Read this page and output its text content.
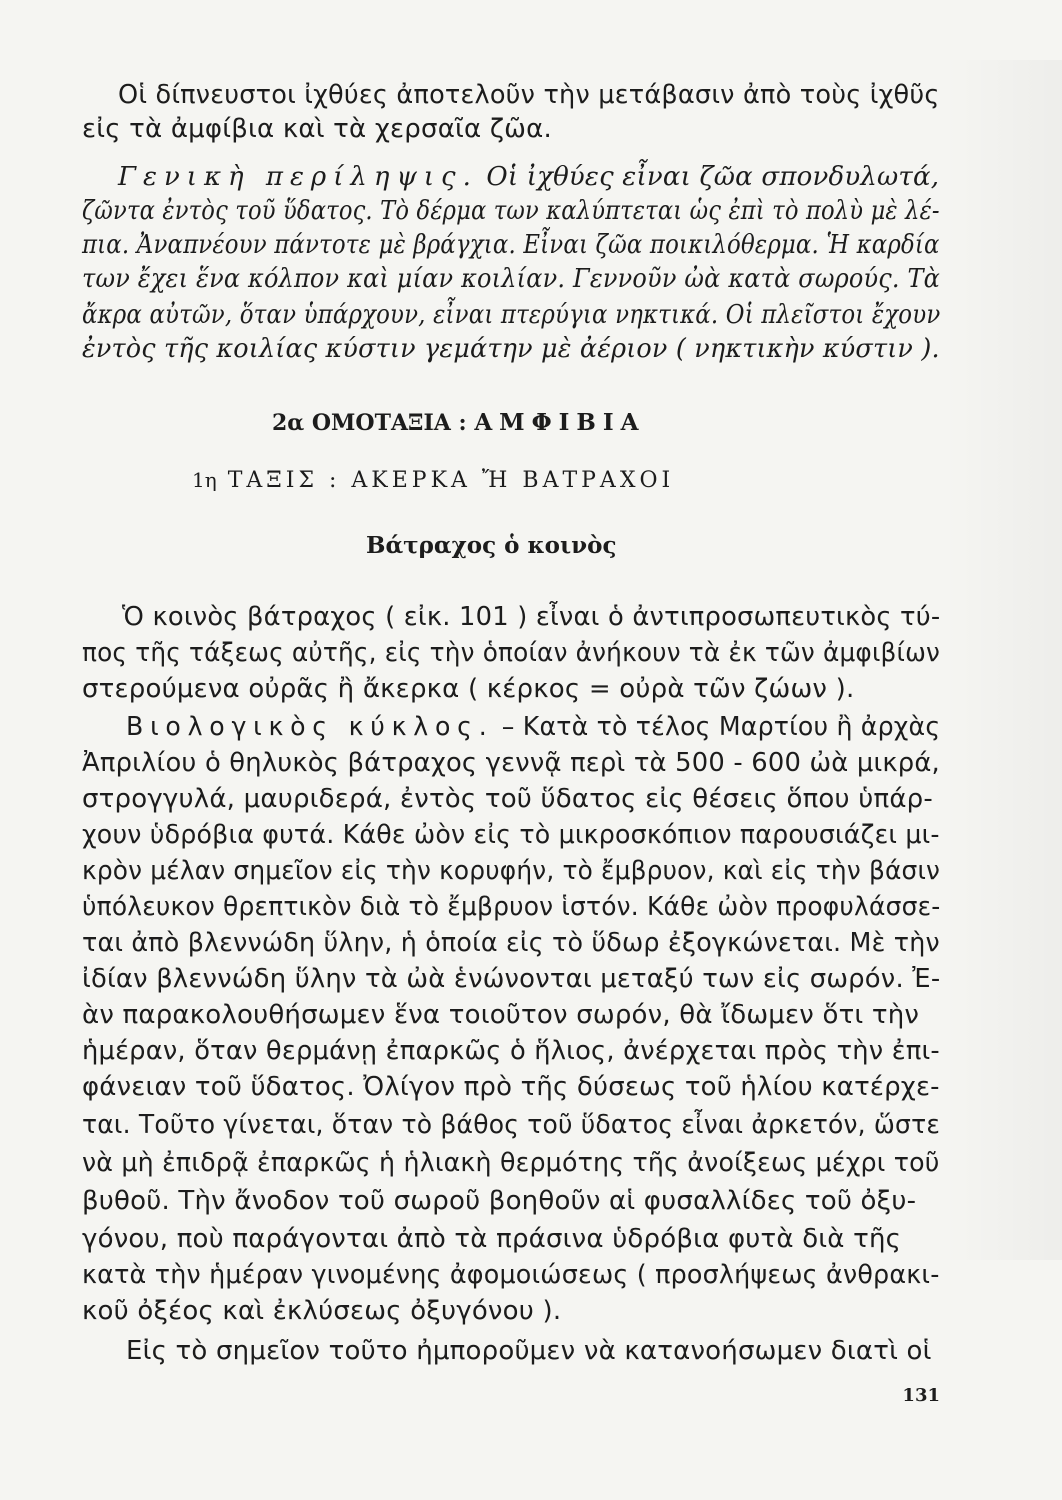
Οἱ δίπνευστοι ἰχθύες ἀποτελοῦν τὴν μετάβασιν ἀπὸ τοὺς ἰχθῦς
εἰς τὰ ἀμφίβια καὶ τὰ χερσαῖα ζῶα.
Γενικὴ περίληψις. Οἱ ἰχθύες εἶναι ζῶα σπονδυλωτά,
ζῶντα ἐντὸς τοῦ ὕδατος. Τὸ δέρμα των καλύπτεται ὡς ἐπὶ τὸ πολὺ μὲ λέ-
πια. Ἀναπνέουν πάντοτε μὲ βράγχια. Εἶναι ζῶα ποικιλόθερμα. Ἡ καρδία
των ἔχει ἕνα κόλπον καὶ μίαν κοιλίαν. Γεννοῦν ὠὰ κατὰ σωρούς. Τὰ
ἄκρα αὐτῶν, ὅταν ὑπάρχουν, εἶναι πτερύγια νηκτικά. Οἱ πλεῖστοι ἔχουν
ἐντὸς τῆς κοιλίας κύστιν γεμάτην μὲ ἀέριον ( νηκτικὴν κύστιν ).
2α ΟΜΟΤΑΞΙΑ : ΑΜΦΙΒΙΑ
1η ΤΑΞΙΣ : ΑΚΕΡΚΑ Ἤ ΒΑΤΡΑΧΟΙ
Βάτραχος ὁ κοινὸς
Ὁ κοινὸς βάτραχος ( εἰκ. 101 ) εἶναι ὁ ἀντιπροσωπευτικὸς τύ-
πος τῆς τάξεως αὐτῆς, εἰς τὴν ὁποίαν ἀνήκουν τὰ ἐκ τῶν ἀμφιβίων
στερούμενα οὐρᾶς ἢ ἄκερκα ( κέρκος = οὐρὰ τῶν ζώων ).
Βιολογικὸς κύκλος. – Κατὰ τὸ τέλος Μαρτίου ἢ ἀρχὰς
Ἀπριλίου ὁ θηλυκὸς βάτραχος γεννᾷ περὶ τὰ 500 - 600 ὠὰ μικρά,
στρογγυλά, μαυριδερά, ἐντὸς τοῦ ὕδατος εἰς θέσεις ὅπου ὑπάρ-
χουν ὑδρόβια φυτά. Κάθε ὠὸν εἰς τὸ μικροσκόπιον παρουσιάζει μι-
κρὸν μέλαν σημεῖον εἰς τὴν κορυφήν, τὸ ἔμβρυον, καὶ εἰς τὴν βάσιν
ὑπόλευκον θρεπτικὸν διὰ τὸ ἔμβρυον ἱστόν. Κάθε ὠὸν προφυλάσσε-
ται ἀπὸ βλεννώδη ὕλην, ἡ ὁποία εἰς τὸ ὕδωρ ἐξογκώνεται. Μὲ τὴν
ἰδίαν βλεννώδη ὕλην τὰ ὠὰ ἑνώνονται μεταξύ των εἰς σωρόν. Ἐ-
ὰν παρακολουθήσωμεν ἕνα τοιοῦτον σωρόν, θὰ ἴδωμεν ὅτι τὴν
ἡμέραν, ὅταν θερμάνῃ ἐπαρκῶς ὁ ἥλιος, ἀνέρχεται πρὸς τὴν ἐπι-
φάνειαν τοῦ ὕδατος. Ὀλίγον πρὸ τῆς δύσεως τοῦ ἡλίου κατέρχε-
ται. Τοῦτο γίνεται, ὅταν τὸ βάθος τοῦ ὕδατος εἶναι ἀρκετόν, ὥστε
νὰ μὴ ἐπιδρᾷ ἐπαρκῶς ἡ ἡλιακὴ θερμότης τῆς ἀνοίξεως μέχρι τοῦ
βυθοῦ. Τὴν ἄνοδον τοῦ σωροῦ βοηθοῦν αἱ φυσαλλίδες τοῦ ὀξυ-
γόνου, ποὺ παράγονται ἀπὸ τὰ πράσινα ὑδρόβια φυτὰ διὰ τῆς
κατὰ τὴν ἡμέραν γινομένης ἀφομοιώσεως ( προσλήψεως ἀνθρακι-
κοῦ ὀξέος καὶ ἐκλύσεως ὀξυγόνου ).
Εἰς τὸ σημεῖον τοῦτο ἠμποροῦμεν νὰ κατανοήσωμεν διατὶ οἱ
131
